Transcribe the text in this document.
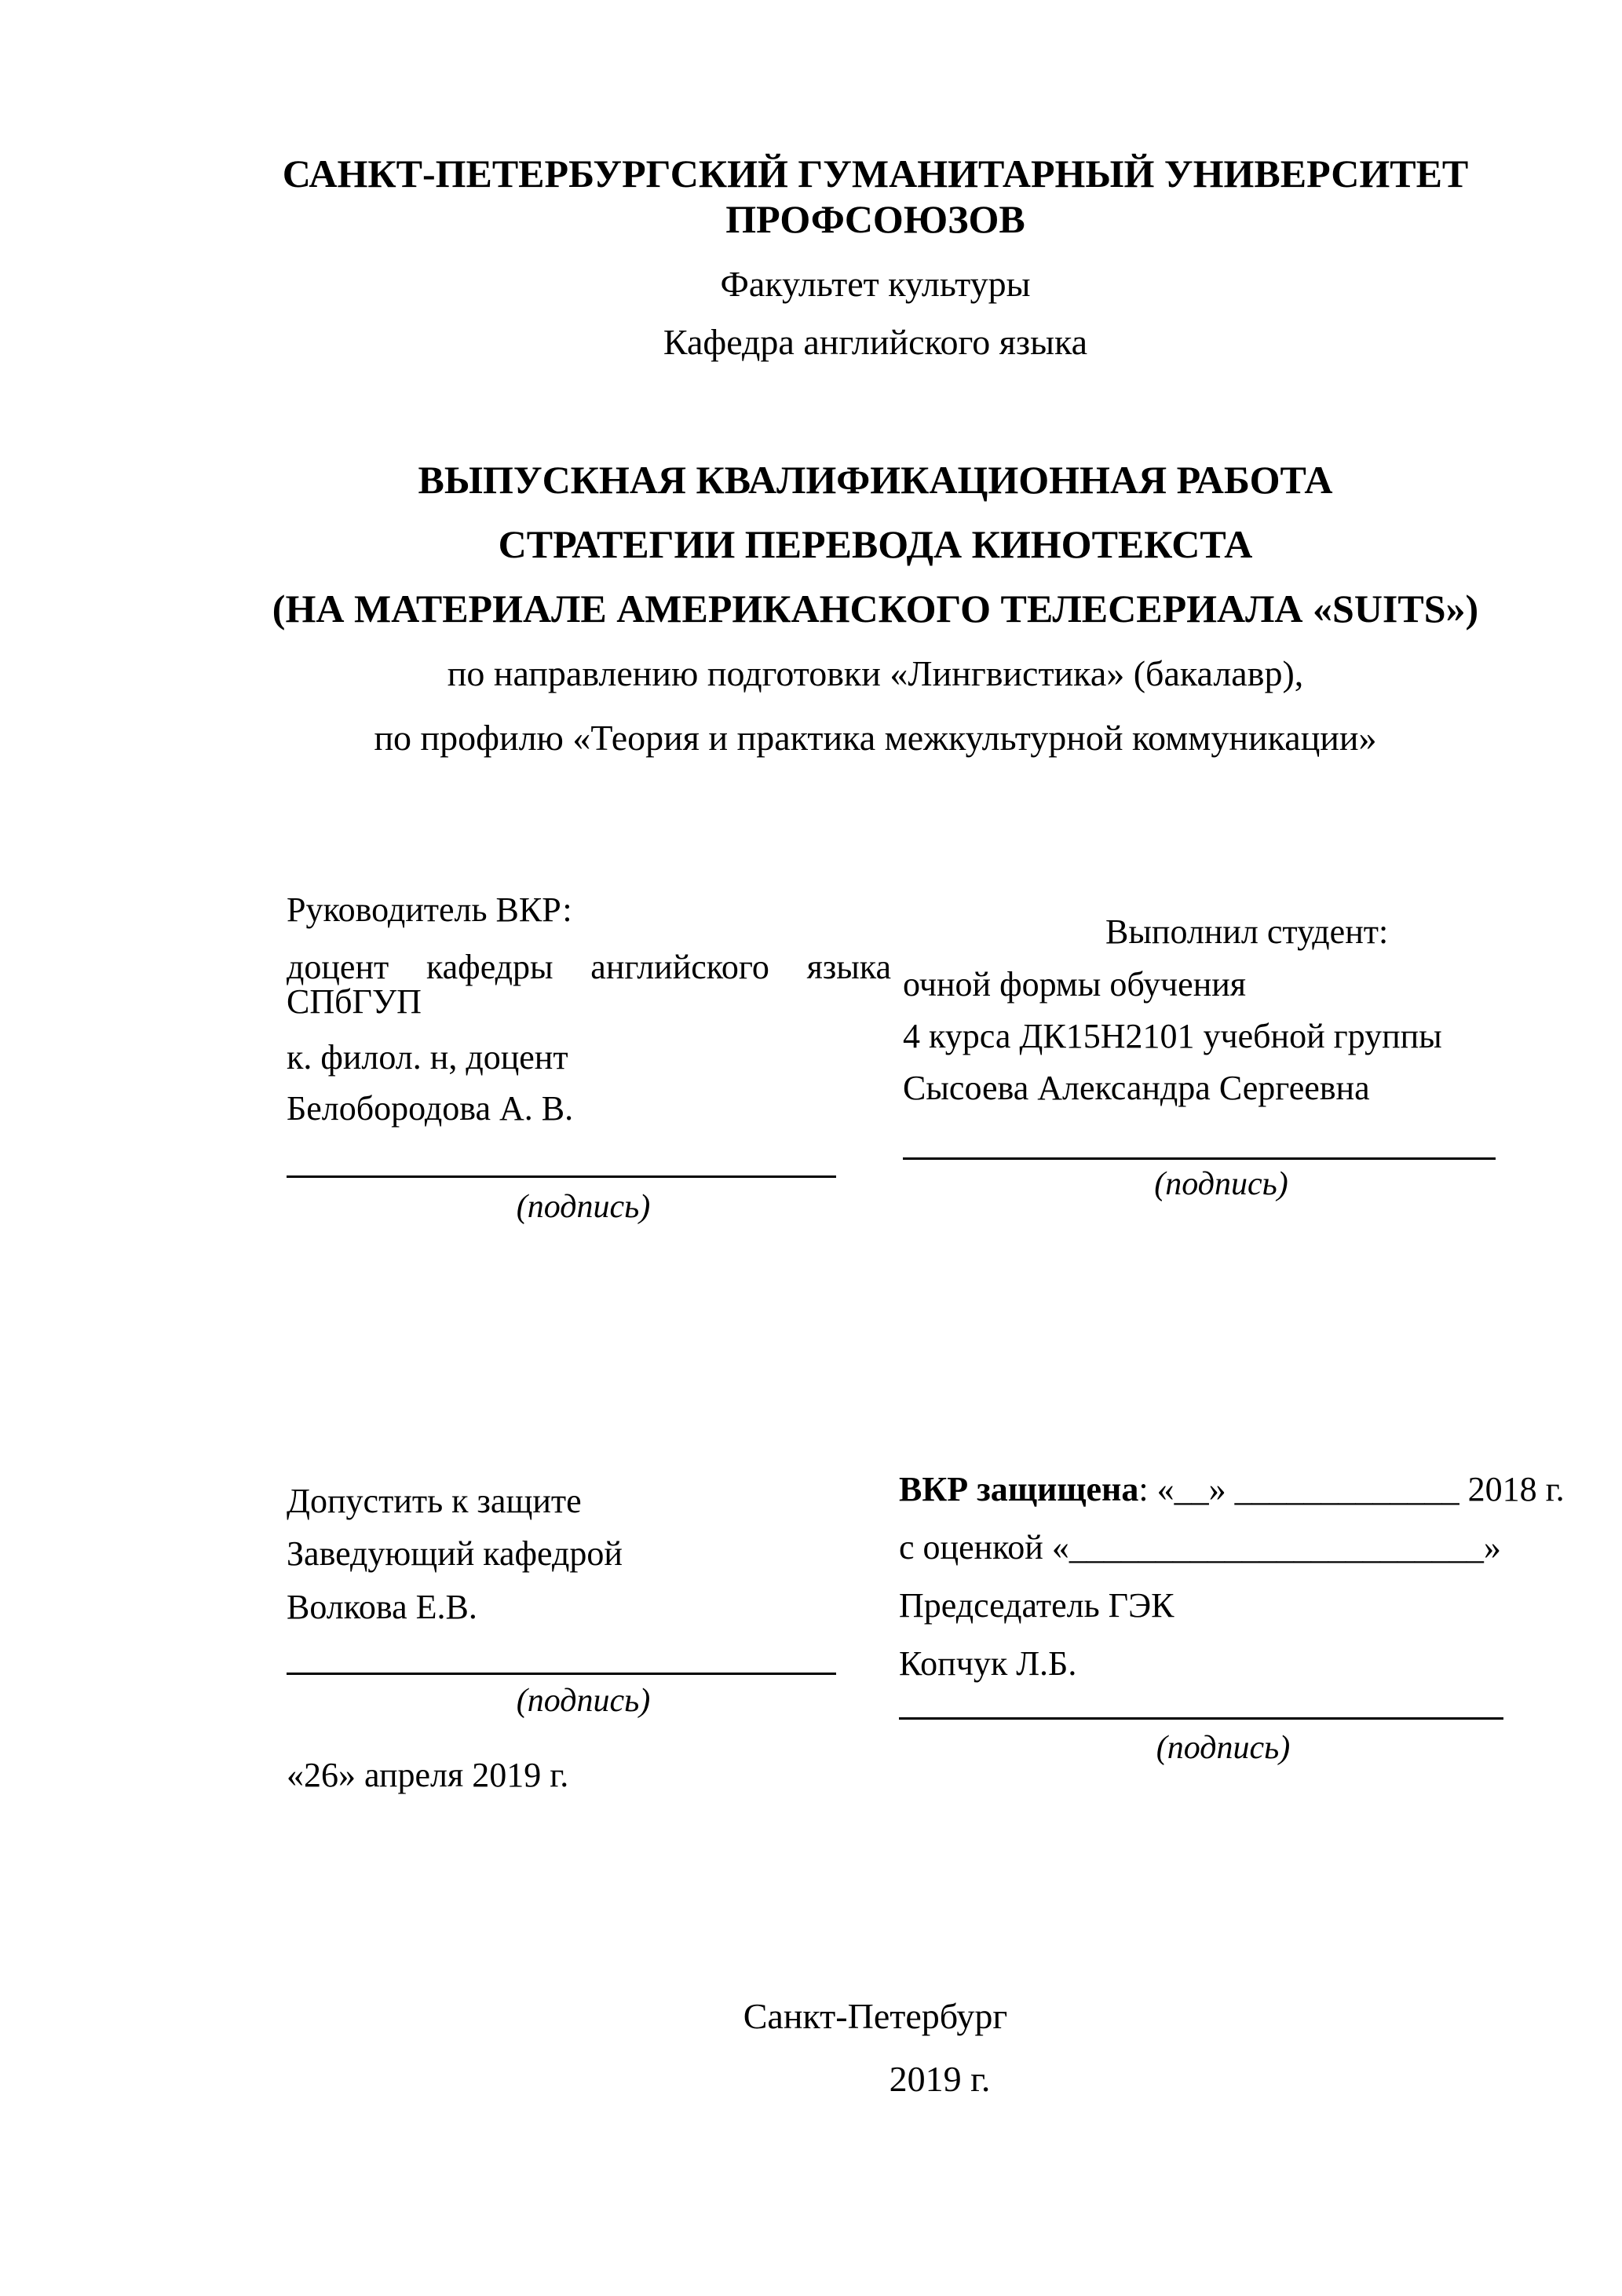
САНКТ-ПЕТЕРБУРГСКИЙ ГУМАНИТАРНЫЙ УНИВЕРСИТЕТ
ПРОФСОЮЗОВ
Факультет культуры
Кафедра английского языка
ВЫПУСКНАЯ КВАЛИФИКАЦИОННАЯ РАБОТА
СТРАТЕГИИ ПЕРЕВОДА КИНОТЕКСТА
(НА МАТЕРИАЛЕ АМЕРИКАНСКОГО ТЕЛЕСЕРИАЛА «SUITS»)
по направлению подготовки «Лингвистика» (бакалавр),
по профилю «Теория и практика межкультурной коммуникации»
Руководитель ВКР:
доцент кафедры английского языка
СПбГУП
к. филол. н, доцент
Белобородова А. В.
(подпись)
Выполнил студент:
очной формы обучения
4 курса ДК15Н2101 учебной группы
Сысоева Александра Сергеевна
(подпись)
Допустить к защите
Заведующий кафедрой
Волкова Е.В.
(подпись)
«26» апреля 2019 г.
ВКР защищена: «__» _____________ 2018 г.
с оценкой «________________________»
Председатель ГЭК
Копчук Л.Б.
(подпись)
Санкт-Петербург
2019 г.
